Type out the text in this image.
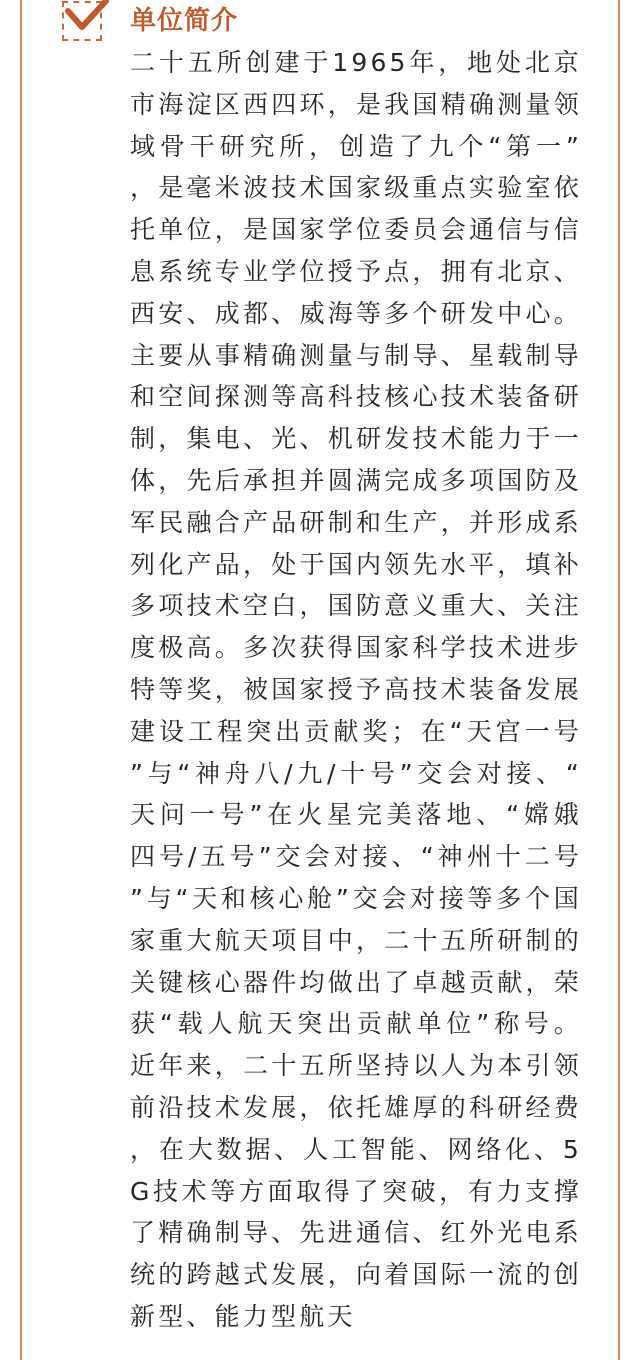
单位简介

二十五所创建于1965年，地处北京市海淀区西四环，是我国精确测量领域骨干研究所，创造了九个“第一”，是毫米波技术国家级重点实验室依托单位，是国家学位委员会通信与信息系统专业学位授予点，拥有北京、西安、成都、威海等多个研发中心。主要从事精确测量与制导、星载制导和空间探测等高科技核心技术装备研制，集电、光、机研发技术能力于一体，先后承担并圆满完成多项国防及军民融合产品研制和生产，并形成系列化产品，处于国内领先水平，填补多项技术空白，国防意义重大、关注度极高。多次获得国家科学技术进步特等奖，被国家授予高技术装备发展建设工程突出贡献奖；在“天宫一号”与“神舟八/九/十号”交会对接、“天问一号”在火星完美落地、“嫦娥四号/五号”交会对接、“神州十二号”与“天和核心舱”交会对接等多个国家重大航天项目中，二十五所研制的关键核心器件均做出了卓越贡献，荣获“载人航天突出贡献单位”称号。近年来，二十五所坚持以人为本引领前沿技术发展，依托雄厚的科研经费，在大数据、人工智能、网络化、5G技术等方面取得了突破，有力支撑了精确制导、先进通信、红外光电系统的跨越式发展，向着国际一流的创新型、能力型航天
